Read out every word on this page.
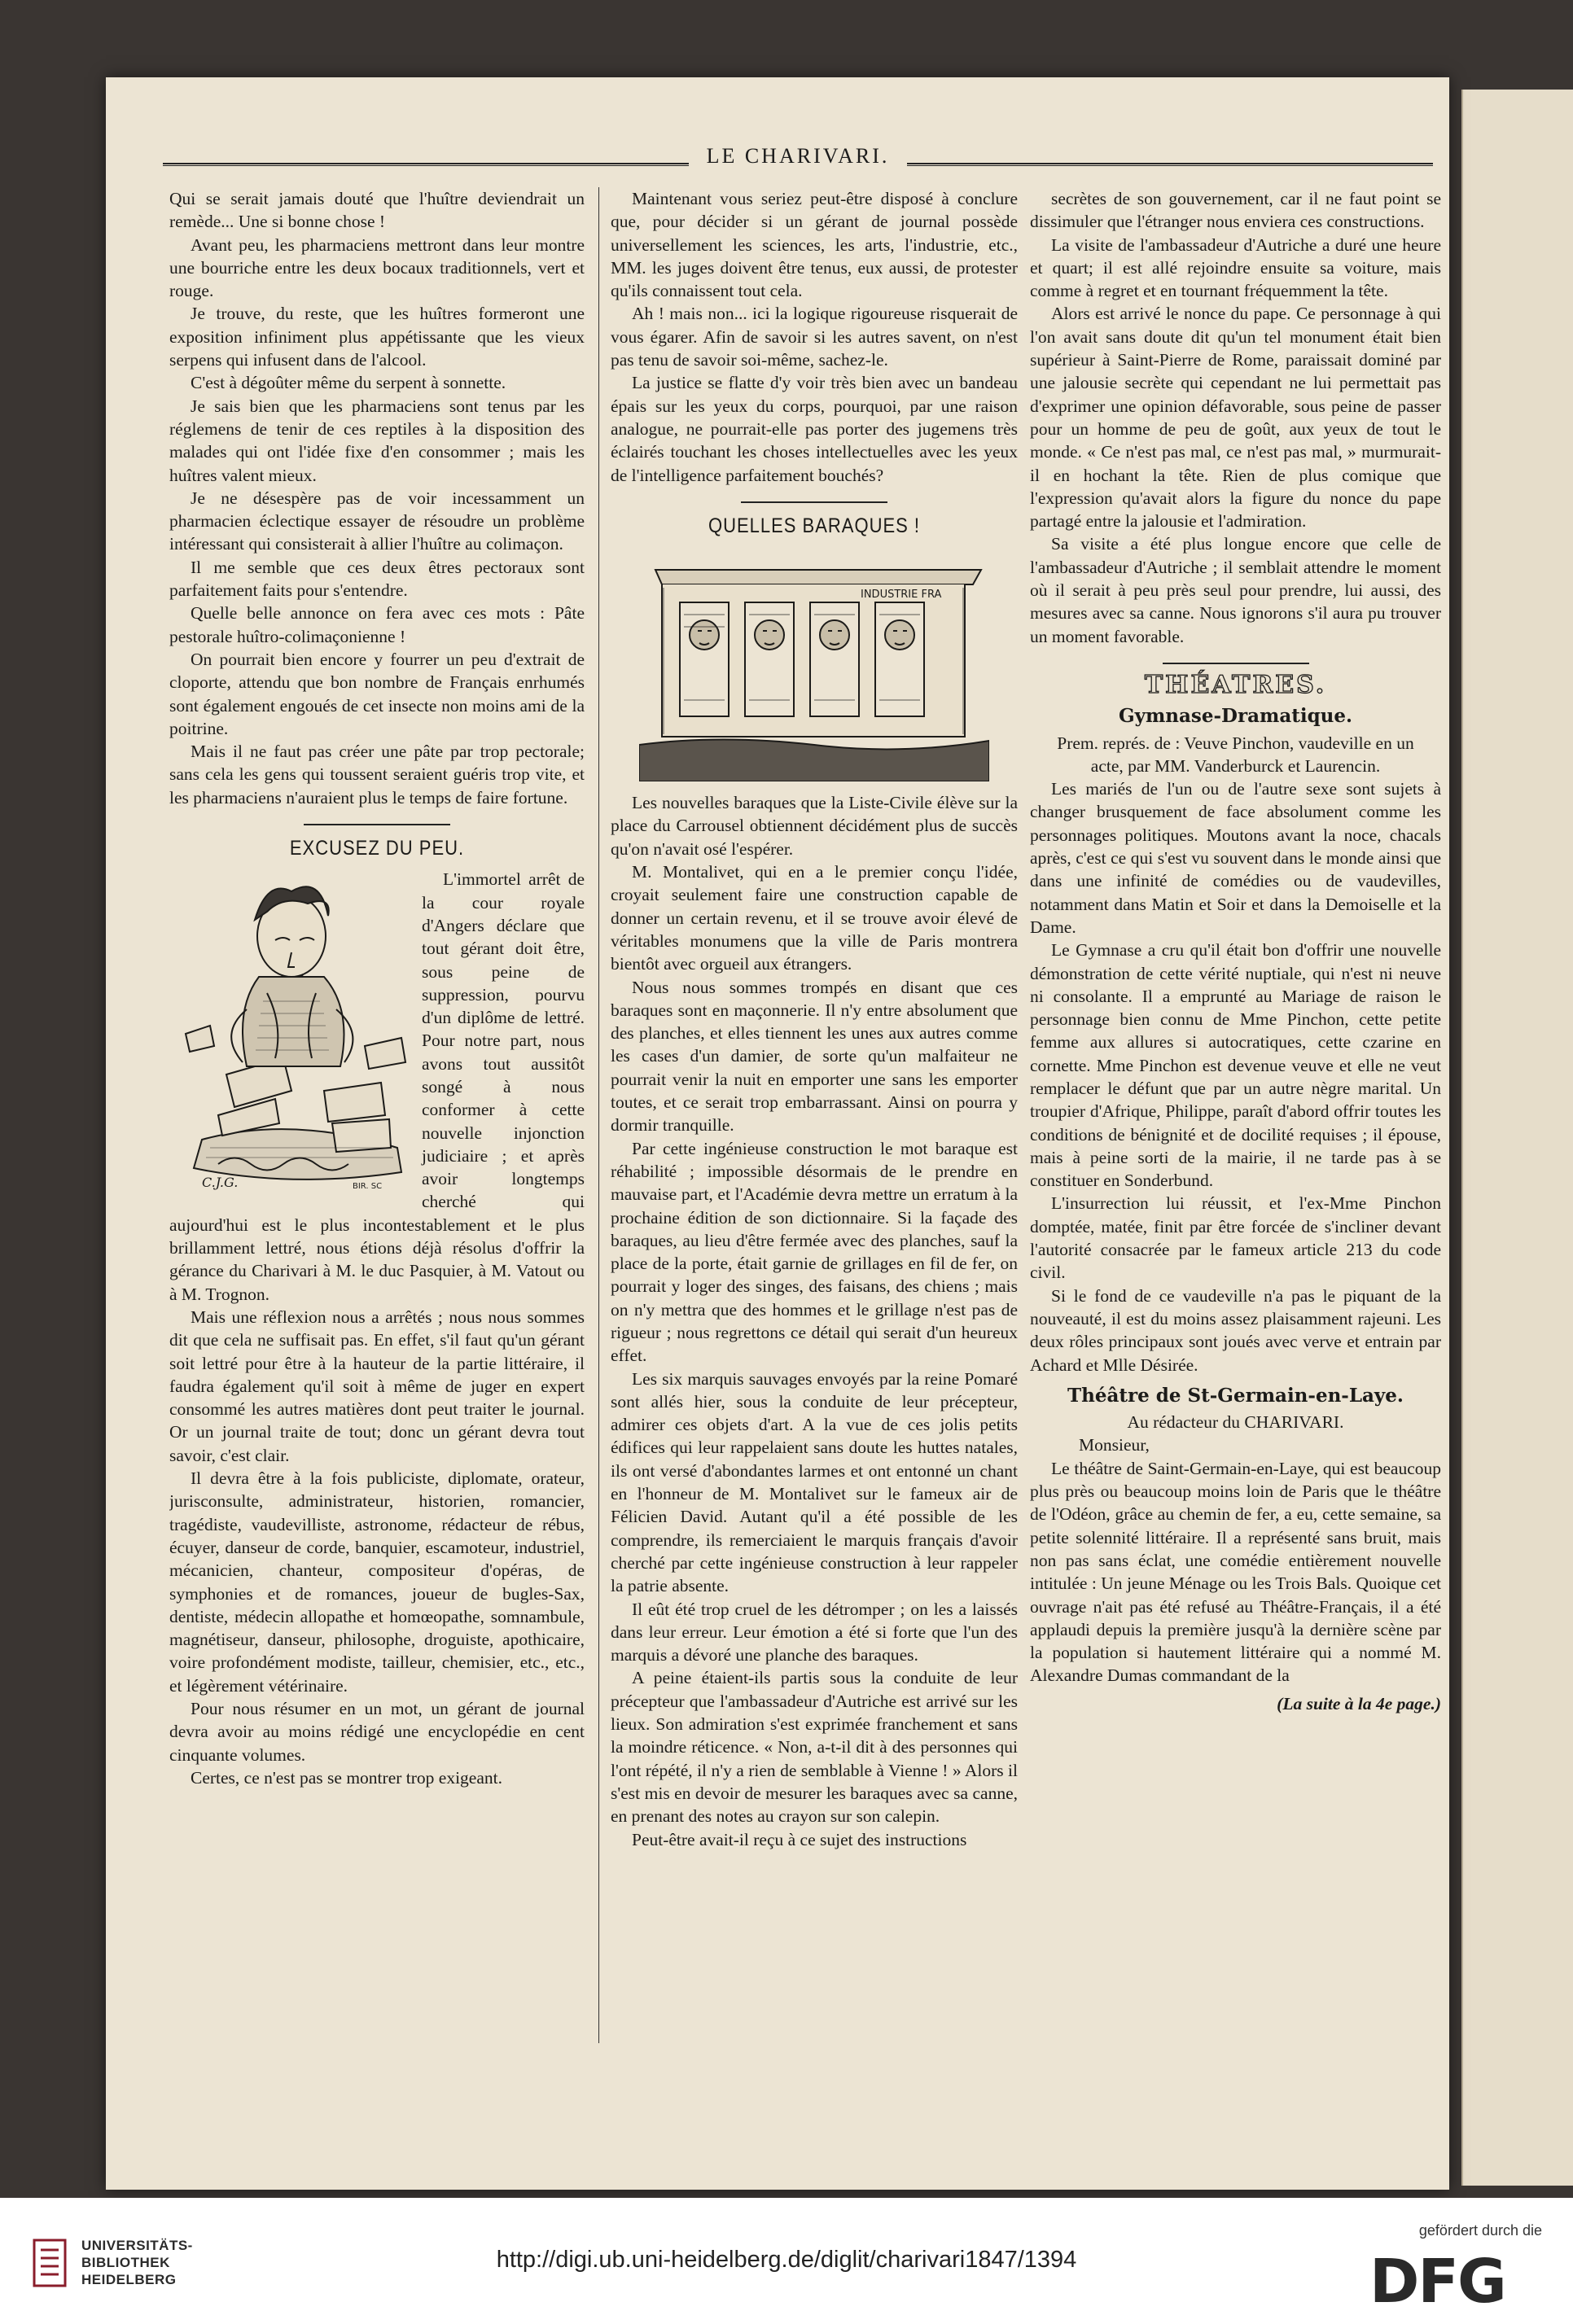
LE CHARIVARI.

Qui se serait jamais douté que l'huître deviendrait un remède... Une si bonne chose !

Avant peu, les pharmaciens mettront dans leur montre une bourriche entre les deux bocaux traditionnels, vert et rouge.

Je trouve, du reste, que les huîtres formeront une exposition infiniment plus appétissante que les vieux serpens qui infusent dans de l'alcool.

C'est à dégoûter même du serpent à sonnette.

Je sais bien que les pharmaciens sont tenus par les réglemens de tenir de ces reptiles à la disposition des malades qui ont l'idée fixe d'en consommer ; mais les huîtres valent mieux.

Je ne désespère pas de voir incessamment un pharmacien éclectique essayer de résoudre un problème intéressant qui consisterait à allier l'huître au colimaçon.

Il me semble que ces deux êtres pectoraux sont parfaitement faits pour s'entendre.

Quelle belle annonce on fera avec ces mots : Pâte pestorale huîtro-colimaçonienne !

On pourrait bien encore y fourrer un peu d'extrait de cloporte, attendu que bon nombre de Français enrhumés sont également engoués de cet insecte non moins ami de la poitrine.

Mais il ne faut pas créer une pâte par trop pectorale; sans cela les gens qui toussent seraient guéris trop vite, et les pharmaciens n'auraient plus le temps de faire fortune.

EXCUSEZ DU PEU.
C.J.G.	BIR. SC

L'immortel arrêt de la cour royale d'Angers déclare que tout gérant doit être, sous peine de suppression, pourvu d'un diplôme de lettré. Pour notre part, nous avons tout aussitôt songé à nous conformer à cette nouvelle injonction judiciaire ; et après avoir longtemps cherché qui aujourd'hui est le plus incontestablement et le plus brillamment lettré, nous étions déjà résolus d'offrir la gérance du Charivari à M. le duc Pasquier, à M. Vatout ou à M. Trognon.

Mais une réflexion nous a arrêtés ; nous nous sommes dit que cela ne suffisait pas. En effet, s'il faut qu'un gérant soit lettré pour être à la hauteur de la partie littéraire, il faudra également qu'il soit à même de juger en expert consommé les autres matières dont peut traiter le journal. Or un journal traite de tout; donc un gérant devra tout savoir, c'est clair.

Il devra être à la fois publiciste, diplomate, orateur, jurisconsulte, administrateur, historien, romancier, tragédiste, vaudevilliste, astronome, rédacteur de rébus, écuyer, danseur de corde, banquier, escamoteur, industriel, mécanicien, chanteur, compositeur d'opéras, de symphonies et de romances, joueur de bugles-Sax, dentiste, médecin allopathe et homœopathe, somnambule, magnétiseur, danseur, philosophe, droguiste, apothicaire, voire profondément modiste, tailleur, chemisier, etc., etc., et légèrement vétérinaire.

Pour nous résumer en un mot, un gérant de journal devra avoir au moins rédigé une encyclopédie en cent cinquante volumes.

Certes, ce n'est pas se montrer trop exigeant.

Maintenant vous seriez peut-être disposé à conclure que, pour décider si un gérant de journal possède universellement les sciences, les arts, l'industrie, etc., MM. les juges doivent être tenus, eux aussi, de protester qu'ils connaissent tout cela.

Ah ! mais non... ici la logique rigoureuse risquerait de vous égarer. Afin de savoir si les autres savent, on n'est pas tenu de savoir soi-même, sachez-le.

La justice se flatte d'y voir très bien avec un bandeau épais sur les yeux du corps, pourquoi, par une raison analogue, ne pourrait-elle pas porter des jugemens très éclairés touchant les choses intellectuelles avec les yeux de l'intelligence parfaitement bouchés?

QUELLES BARAQUES !
INDUSTRIE FRA

Les nouvelles baraques que la Liste-Civile élève sur la place du Carrousel obtiennent décidément plus de succès qu'on n'avait osé l'espérer.

M. Montalivet, qui en a le premier conçu l'idée, croyait seulement faire une construction capable de donner un certain revenu, et il se trouve avoir élevé de véritables monumens que la ville de Paris montrera bientôt avec orgueil aux étrangers.

Nous nous sommes trompés en disant que ces baraques sont en maçonnerie. Il n'y entre absolument que des planches, et elles tiennent les unes aux autres comme les cases d'un damier, de sorte qu'un malfaiteur ne pourrait venir la nuit en emporter une sans les emporter toutes, et ce serait trop embarrassant. Ainsi on pourra y dormir tranquille.

Par cette ingénieuse construction le mot baraque est réhabilité ; impossible désormais de le prendre en mauvaise part, et l'Académie devra mettre un erratum à la prochaine édition de son dictionnaire. Si la façade des baraques, au lieu d'être fermée avec des planches, sauf la place de la porte, était garnie de grillages en fil de fer, on pourrait y loger des singes, des faisans, des chiens ; mais on n'y mettra que des hommes et le grillage n'est pas de rigueur ; nous regrettons ce détail qui serait d'un heureux effet.

Les six marquis sauvages envoyés par la reine Pomaré sont allés hier, sous la conduite de leur précepteur, admirer ces objets d'art. A la vue de ces jolis petits édifices qui leur rappelaient sans doute les huttes natales, ils ont versé d'abondantes larmes et ont entonné un chant en l'honneur de M. Montalivet sur le fameux air de Félicien David. Autant qu'il a été possible de les comprendre, ils remerciaient le marquis français d'avoir cherché par cette ingénieuse construction à leur rappeler la patrie absente.

Il eût été trop cruel de les détromper ; on les a laissés dans leur erreur. Leur émotion a été si forte que l'un des marquis a dévoré une planche des baraques.

A peine étaient-ils partis sous la conduite de leur précepteur que l'ambassadeur d'Autriche est arrivé sur les lieux. Son admiration s'est exprimée franchement et sans la moindre réticence. « Non, a-t-il dit à des personnes qui l'ont répété, il n'y a rien de semblable à Vienne ! » Alors il s'est mis en devoir de mesurer les baraques avec sa canne, en prenant des notes au crayon sur son calepin.

Peut-être avait-il reçu à ce sujet des instructions

secrètes de son gouvernement, car il ne faut point se dissimuler que l'étranger nous enviera ces constructions.

La visite de l'ambassadeur d'Autriche a duré une heure et quart; il est allé rejoindre ensuite sa voiture, mais comme à regret et en tournant fréquemment la tête.

Alors est arrivé le nonce du pape. Ce personnage à qui l'on avait sans doute dit qu'un tel monument était bien supérieur à Saint-Pierre de Rome, paraissait dominé par une jalousie secrète qui cependant ne lui permettait pas d'exprimer une opinion défavorable, sous peine de passer pour un homme de peu de goût, aux yeux de tout le monde. « Ce n'est pas mal, ce n'est pas mal, » murmurait-il en hochant la tête. Rien de plus comique que l'expression qu'avait alors la figure du nonce du pape partagé entre la jalousie et l'admiration.

Sa visite a été plus longue encore que celle de l'ambassadeur d'Autriche ; il semblait attendre le moment où il serait à peu près seul pour prendre, lui aussi, des mesures avec sa canne. Nous ignorons s'il aura pu trouver un moment favorable.

THÉATRES.
Gymnase-Dramatique.

Prem. représ. de : Veuve Pinchon, vaudeville en un

acte, par MM. Vanderburck et Laurencin.

Les mariés de l'un ou de l'autre sexe sont sujets à changer brusquement de face absolument comme les personnages politiques. Moutons avant la noce, chacals après, c'est ce qui s'est vu souvent dans le monde ainsi que dans une infinité de comédies ou de vaudevilles, notamment dans Matin et Soir et dans la Demoiselle et la Dame.

Le Gymnase a cru qu'il était bon d'offrir une nouvelle démonstration de cette vérité nuptiale, qui n'est ni neuve ni consolante. Il a emprunté au Mariage de raison le personnage bien connu de Mme Pinchon, cette petite femme aux allures si autocratiques, cette czarine en cornette. Mme Pinchon est devenue veuve et elle ne veut remplacer le défunt que par un autre nègre marital. Un troupier d'Afrique, Philippe, paraît d'abord offrir toutes les conditions de bénignité et de docilité requises ; il épouse, mais à peine sorti de la mairie, il ne tarde pas à se constituer en Sonderbund.

L'insurrection lui réussit, et l'ex-Mme Pinchon domptée, matée, finit par être forcée de s'incliner devant l'autorité consacrée par le fameux article 213 du code civil.

Si le fond de ce vaudeville n'a pas le piquant de la nouveauté, il est du moins assez plaisamment rajeuni. Les deux rôles principaux sont joués avec verve et entrain par Achard et Mlle Désirée.

Théâtre de St-Germain-en-Laye.

Au rédacteur du CHARIVARI.

Monsieur,

Le théâtre de Saint-Germain-en-Laye, qui est beaucoup plus près ou beaucoup moins loin de Paris que le théâtre de l'Odéon, grâce au chemin de fer, a eu, cette semaine, sa petite solennité littéraire. Il a représenté sans bruit, mais non pas sans éclat, une comédie entièrement nouvelle intitulée : Un jeune Ménage ou les Trois Bals. Quoique cet ouvrage n'ait pas été refusé au Théâtre-Français, il a été applaudi depuis la première jusqu'à la dernière scène par la population si hautement littéraire qui a nommé M. Alexandre Dumas commandant de la

(La suite à la 4e page.)

UNIVERSITÄTS-
BIBLIOTHEK
HEIDELBERG
http://digi.ub.uni-heidelberg.de/diglit/charivari1847/1394
gefördert durch die
DFG
